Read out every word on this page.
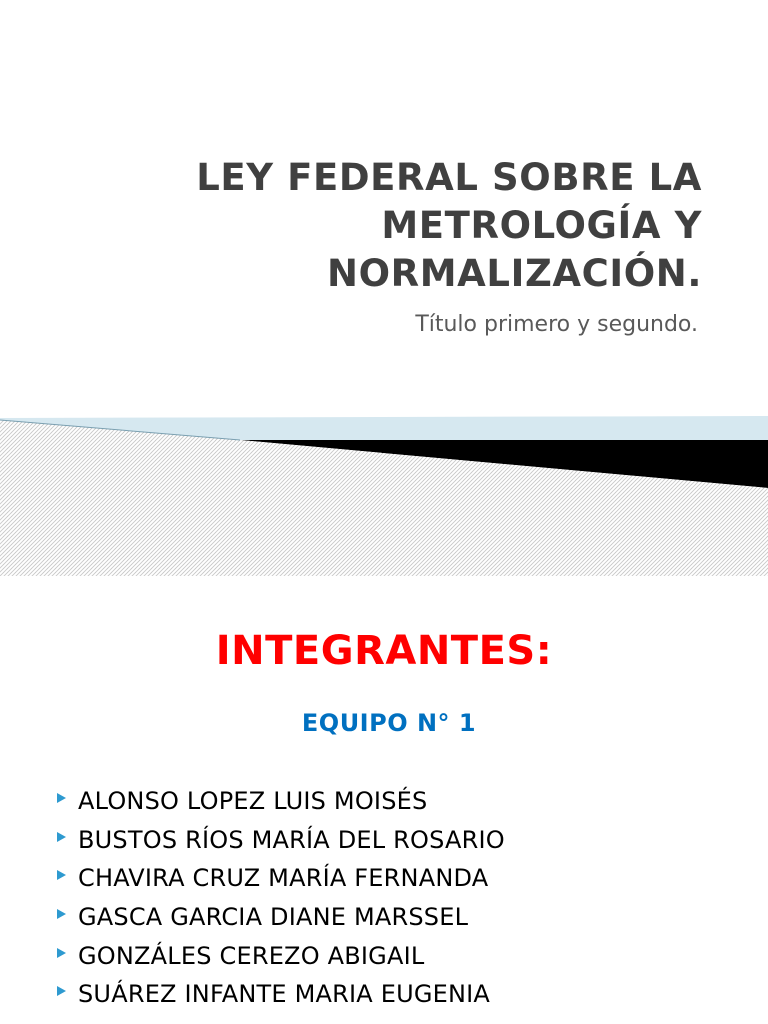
LEY FEDERAL SOBRE LA
METROLOGÍA Y
NORMALIZACIÓN.

Título primero y segundo.

INTEGRANTES:
EQUIPO N° 1
ALONSO LOPEZ LUIS MOISÉS
BUSTOS RÍOS MARÍA DEL ROSARIO
CHAVIRA CRUZ MARÍA FERNANDA
GASCA GARCIA DIANE MARSSEL
GONZÁLES CEREZO ABIGAIL
SUÁREZ INFANTE MARIA EUGENIA
